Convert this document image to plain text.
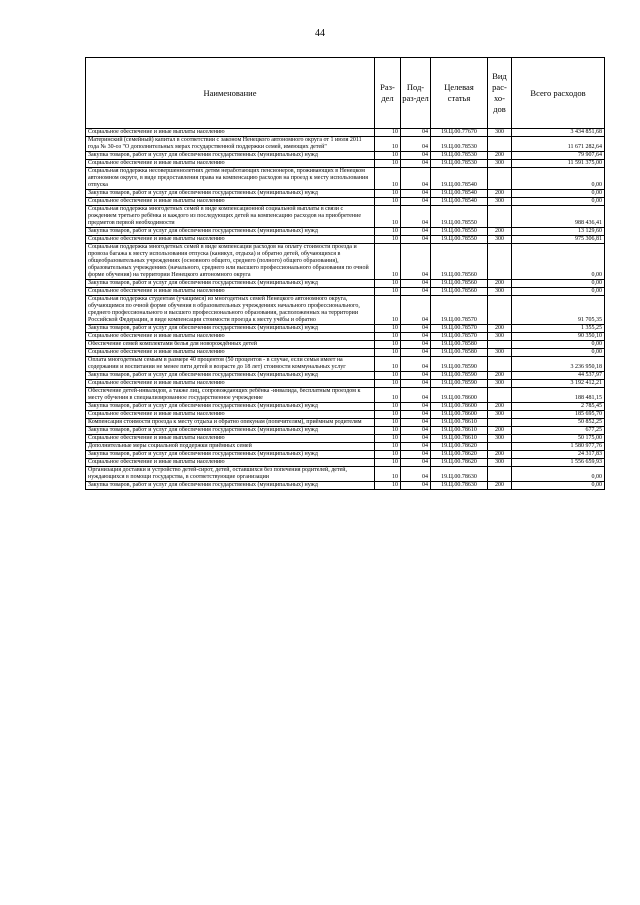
44
Наименование	Раз-дел	Под-раз-дел	Целевая статья	Вид рас-хо-дов	Всего расходов
Социальное обеспечение и иные выплаты населению	10	04	19.Ц.00.77670	300	3 434 851,68
Материнский (семейный) капитал в соответствии с законом Ненецкого автономного округа от 1 июля 2011 года № 30-оз "О дополнительных мерах государственной поддержки семей, имеющих детей"	10	04	19.Ц.00.78530		11 671 282,64
Закупка товаров, работ и услуг для обеспечения государственных (муниципальных) нужд	10	04	19.Ц.00.78530	200	79 907,64
Социальное обеспечение и иные выплаты населению	10	04	19.Ц.00.78530	300	11 591 375,00
Социальная поддержка несовершеннолетних детям неработающих пенсионеров, проживающих в Ненецком автономном округе, в виде предоставления права на компенсацию расходов на проезд к месту использования отпуска	10	04	19.Ц.00.78540		0,00
Закупка товаров, работ и услуг для обеспечения государственных (муниципальных) нужд	10	04	19.Ц.00.78540	200	0,00
Социальное обеспечение и иные выплаты населению	10	04	19.Ц.00.78540	300	0,00
Социальная поддержка многодетных семей в виде компенсационной социальной выплаты в связи с рождением третьего ребёнка и каждого из последующих детей на компенсацию расходов на приобретение предметов первой необходимости	10	04	19.Ц.00.78550		988 436,41
Закупка товаров, работ и услуг для обеспечения государственных (муниципальных) нужд	10	04	19.Ц.00.78550	200	13 129,60
Социальное обеспечение и иные выплаты населению	10	04	19.Ц.00.78550	300	975 306,81
Социальная поддержка многодетных семей в виде компенсации расходов на оплату стоимости проезда и провоза багажа к месту использования отпуска (каникул, отдыха) и обратно детей, обучающихся в общеобразовательных учреждениях (основного общего, среднего (полного) общего образования), образовательных учреждениях (начального, среднего или высшего профессионального образования по очной форме обучения) на территории Ненецкого автономного округа	10	04	19.Ц.00.78560		0,00
Закупка товаров, работ и услуг для обеспечения государственных (муниципальных) нужд	10	04	19.Ц.00.78560	200	0,00
Социальное обеспечение и иные выплаты населению	10	04	19.Ц.00.78560	300	0,00
Социальная поддержка студентам (учащимся) из многодетных семей Ненецкого автономного округа, обучающимся по очной форме обучения в образовательных учреждениях начального профессионального, среднего профессионального и высшего профессионального образования, расположенных на территории Российской Федерации, в виде компенсации стоимости проезда к месту учёбы и обратно	10	04	19.Ц.00.78570		91 705,35
Закупка товаров, работ и услуг для обеспечения государственных (муниципальных) нужд	10	04	19.Ц.00.78570	200	1 355,25
Социальное обеспечение и иные выплаты населению	10	04	19.Ц.00.78570	300	90 350,10
Обеспечение семей комплектами белья для новорождённых детей	10	04	19.Ц.00.78580		0,00
Социальное обеспечение и иные выплаты населению	10	04	19.Ц.00.78580	300	0,00
Оплата многодетным семьям в размере 40 процентов (50 процентов - в случае, если семья имеет на содержании и воспитании не менее пяти детей в возрасте до 18 лет) стоимости коммунальных услуг	10	04	19.Ц.00.78590		3 236 950,18
Закупка товаров, работ и услуг для обеспечения государственных (муниципальных) нужд	10	04	19.Ц.00.78590	200	44 537,97
Социальное обеспечение и иные выплаты населению	10	04	19.Ц.00.78590	300	3 192 412,21
Обеспечение детей-инвалидов, а также лиц, сопровождающих ребёнка -инвалида, бесплатным проездом к месту обучения в специализированное государственное учреждение	10	04	19.Ц.00.78600		188 481,15
Закупка товаров, работ и услуг для обеспечения государственных (муниципальных) нужд	10	04	19.Ц.00.78600	200	2 785,45
Социальное обеспечение и иные выплаты населению	10	04	19.Ц.00.78600	300	185 695,70
Компенсация стоимости проезда к месту отдыха и обратно опекунам (попечителям), приёмным родителям	10	04	19.Ц.00.78610		50 852,25
Закупка товаров, работ и услуг для обеспечения государственных (муниципальных) нужд	10	04	19.Ц.00.78610	200	677,25
Социальное обеспечение и иные выплаты населению	10	04	19.Ц.00.78610	300	50 175,00
Дополнительные меры социальной поддержки приёмных семей	10	04	19.Ц.00.78620		1 580 977,76
Закупка товаров, работ и услуг для обеспечения государственных (муниципальных) нужд	10	04	19.Ц.00.78620	200	24 317,83
Социальное обеспечение и иные выплаты населению	10	04	19.Ц.00.78620	300	1 556 659,93
Организация доставки и устройство детей-сирот, детей, оставшихся без попечения родителей, детей, нуждающихся в помощи государства, в соответствующие организации	10	04	19.Ц.00.78630		0,00
Закупка товаров, работ и услуг для обеспечения государственных (муниципальных) нужд	10	04	19.Ц.00.78630	200	0,00
